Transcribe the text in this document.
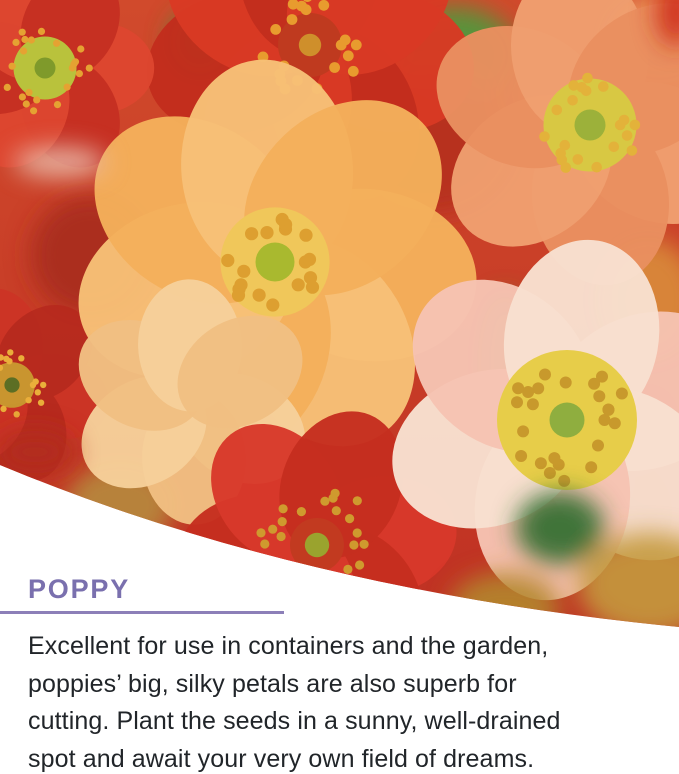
POPPY
Excellent for use in containers and the garden,
poppies’ big, silky petals are also superb for
cutting. Plant the seeds in a sunny, well-drained
spot and await your very own field of dreams.
